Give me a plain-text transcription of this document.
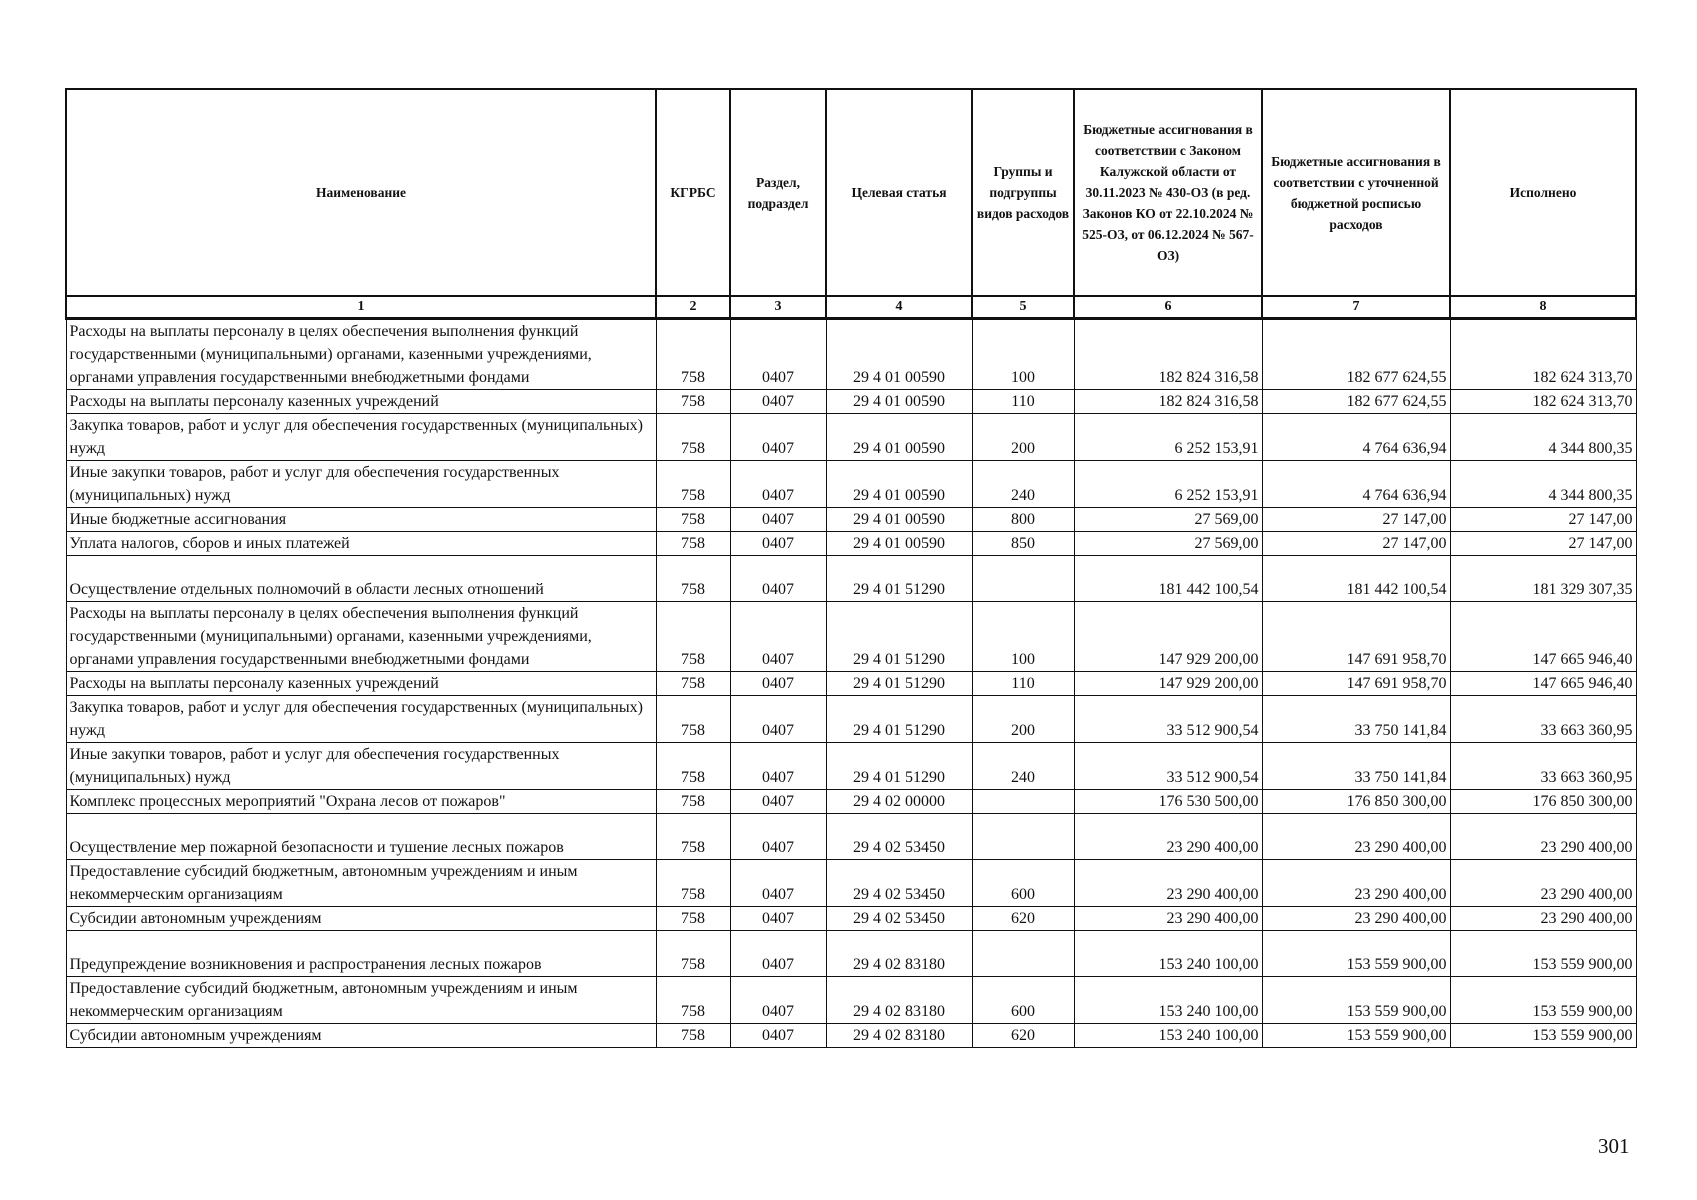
Наименование	КГРБС	Раздел, подраздел	Целевая статья	Группы и подгруппы видов расходов	Бюджетные ассигнования в соответствии с Законом Калужской области от 30.11.2023 № 430-ОЗ (в ред. Законов КО от 22.10.2024 № 525-ОЗ, от 06.12.2024 № 567-ОЗ)	Бюджетные ассигнования в соответствии с уточненной бюджетной росписью расходов	Исполнено
1	2	3	4	5	6	7	8
Расходы на выплаты персоналу в целях обеспечения выполнения функций государственными (муниципальными) органами, казенными учреждениями, органами управления государственными внебюджетными фондами	758	0407	29 4 01 00590	100	182 824 316,58	182 677 624,55	182 624 313,70
Расходы на выплаты персоналу казенных учреждений	758	0407	29 4 01 00590	110	182 824 316,58	182 677 624,55	182 624 313,70
Закупка товаров, работ и услуг для обеспечения государственных (муниципальных) нужд	758	0407	29 4 01 00590	200	6 252 153,91	4 764 636,94	4 344 800,35
Иные закупки товаров, работ и услуг для обеспечения государственных (муниципальных) нужд	758	0407	29 4 01 00590	240	6 252 153,91	4 764 636,94	4 344 800,35
Иные бюджетные ассигнования	758	0407	29 4 01 00590	800	27 569,00	27 147,00	27 147,00
Уплата налогов, сборов и иных платежей	758	0407	29 4 01 00590	850	27 569,00	27 147,00	27 147,00
Осуществление отдельных полномочий в области лесных отношений	758	0407	29 4 01 51290		181 442 100,54	181 442 100,54	181 329 307,35
Расходы на выплаты персоналу в целях обеспечения выполнения функций государственными (муниципальными) органами, казенными учреждениями, органами управления государственными внебюджетными фондами	758	0407	29 4 01 51290	100	147 929 200,00	147 691 958,70	147 665 946,40
Расходы на выплаты персоналу казенных учреждений	758	0407	29 4 01 51290	110	147 929 200,00	147 691 958,70	147 665 946,40
Закупка товаров, работ и услуг для обеспечения государственных (муниципальных) нужд	758	0407	29 4 01 51290	200	33 512 900,54	33 750 141,84	33 663 360,95
Иные закупки товаров, работ и услуг для обеспечения государственных (муниципальных) нужд	758	0407	29 4 01 51290	240	33 512 900,54	33 750 141,84	33 663 360,95
Комплекс процессных мероприятий "Охрана лесов от пожаров"	758	0407	29 4 02 00000		176 530 500,00	176 850 300,00	176 850 300,00
Осуществление мер пожарной безопасности и тушение лесных пожаров	758	0407	29 4 02 53450		23 290 400,00	23 290 400,00	23 290 400,00
Предоставление субсидий бюджетным, автономным учреждениям и иным некоммерческим организациям	758	0407	29 4 02 53450	600	23 290 400,00	23 290 400,00	23 290 400,00
Субсидии автономным учреждениям	758	0407	29 4 02 53450	620	23 290 400,00	23 290 400,00	23 290 400,00
Предупреждение возникновения и распространения лесных пожаров	758	0407	29 4 02 83180		153 240 100,00	153 559 900,00	153 559 900,00
Предоставление субсидий бюджетным, автономным учреждениям и иным некоммерческим организациям	758	0407	29 4 02 83180	600	153 240 100,00	153 559 900,00	153 559 900,00
Субсидии автономным учреждениям	758	0407	29 4 02 83180	620	153 240 100,00	153 559 900,00	153 559 900,00
301
